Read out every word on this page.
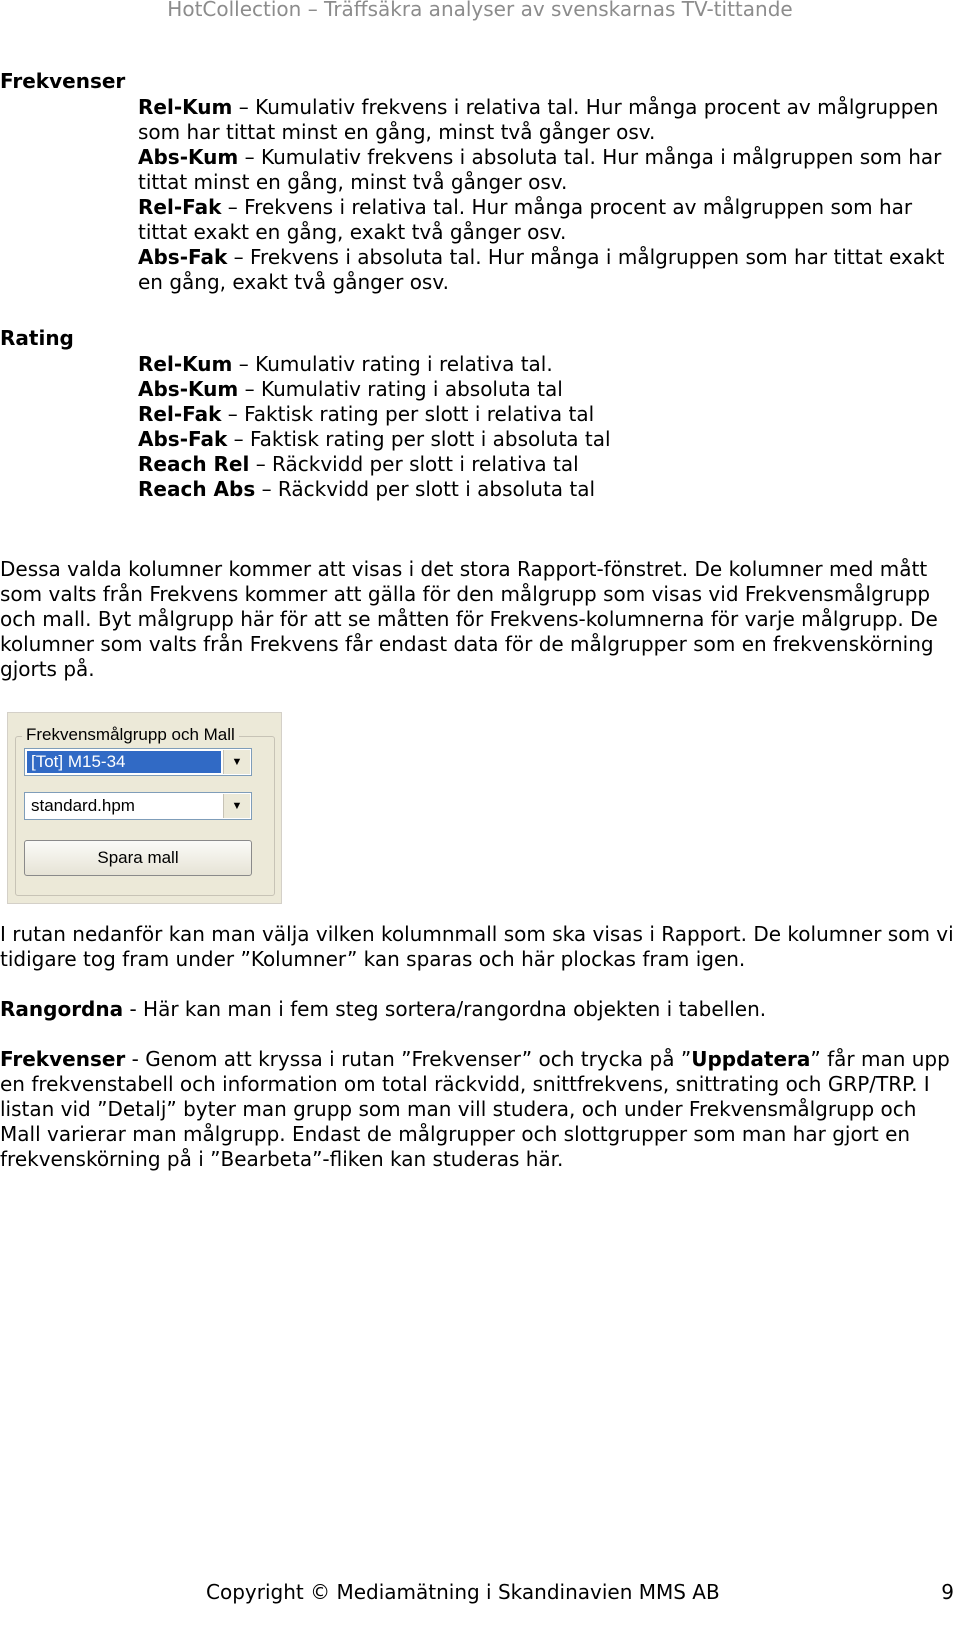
HotCollection – Träffsäkra analyser av svenskarnas TV-tittande
Frekvenser

Rel-Kum – Kumulativ frekvens i relativa tal. Hur många procent av målgruppen som har tittat minst en gång, minst två gånger osv.

Abs-Kum – Kumulativ frekvens i absoluta tal. Hur många i målgruppen som har tittat minst en gång, minst två gånger osv.

Rel-Fak – Frekvens i relativa tal. Hur många procent av målgruppen som har tittat exakt en gång, exakt två gånger osv.

Abs-Fak – Frekvens i absoluta tal. Hur många i målgruppen som har tittat exakt en gång, exakt två gånger osv.

Rating

Rel-Kum – Kumulativ rating i relativa tal.

Abs-Kum – Kumulativ rating i absoluta tal

Rel-Fak – Faktisk rating per slott i relativa tal

Abs-Fak – Faktisk rating per slott i absoluta tal

Reach Rel – Räckvidd per slott i relativa tal

Reach Abs – Räckvidd per slott i absoluta tal

Dessa valda kolumner kommer att visas i det stora Rapport-fönstret. De kolumner med mått som valts från Frekvens kommer att gälla för den målgrupp som visas vid Frekvensmålgrupp och mall. Byt målgrupp här för att se måtten för Frekvens-kolumnerna för varje målgrupp. De kolumner som valts från Frekvens får endast data för de målgrupper som en frekvenskörning gjorts på.

Frekvensmålgrupp och Mall
[Tot] M15-34	▼
standard.hpm	▼
Spara mall

I rutan nedanför kan man välja vilken kolumnmall som ska visas i Rapport. De kolumner som vi tidigare tog fram under ”Kolumner” kan sparas och här plockas fram igen.

Rangordna - Här kan man i fem steg sortera/rangordna objekten i tabellen.

Frekvenser - Genom att kryssa i rutan ”Frekvenser” och trycka på ”Uppdatera” får man upp en frekvenstabell och information om total räckvidd, snittfrekvens, snittrating och GRP/TRP. I listan vid ”Detalj” byter man grupp som man vill studera, och under Frekvensmålgrupp och Mall varierar man målgrupp. Endast de målgrupper och slottgrupper som man har gjort en frekvenskörning på i ”Bearbeta”-fliken kan studeras här.

Copyright © Mediamätning i Skandinavien MMS AB	9
